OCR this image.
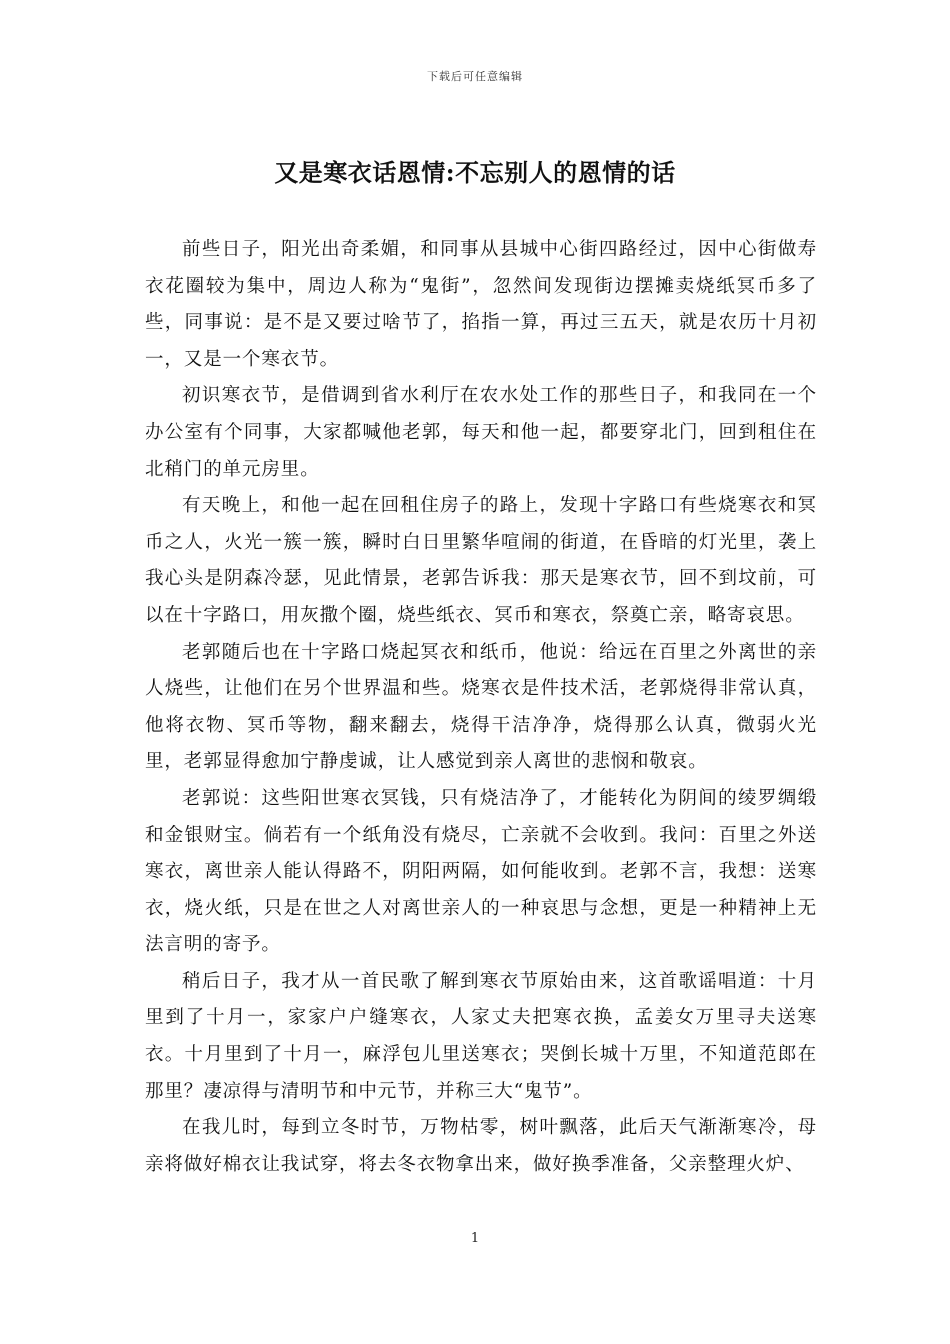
下载后可任意编辑
又是寒衣话恩情:不忘别人的恩情的话

前些日子，阳光出奇柔媚，和同事从县城中心街四路经过，因中心街做寿衣花圈较为集中，周边人称为“鬼街”，忽然间发现街边摆摊卖烧纸冥币多了些，同事说：是不是又要过啥节了，掐指一算，再过三五天，就是农历十月初一，又是一个寒衣节。

初识寒衣节，是借调到省水利厅在农水处工作的那些日子，和我同在一个办公室有个同事，大家都喊他老郭，每天和他一起，都要穿北门，回到租住在北稍门的单元房里。

有天晚上，和他一起在回租住房子的路上，发现十字路口有些烧寒衣和冥币之人，火光一簇一簇，瞬时白日里繁华喧闹的街道，在昏暗的灯光里，袭上我心头是阴森冷瑟，见此情景，老郭告诉我：那天是寒衣节，回不到坟前，可以在十字路口，用灰撒个圈，烧些纸衣、冥币和寒衣，祭奠亡亲，略寄哀思。

老郭随后也在十字路口烧起冥衣和纸币，他说：给远在百里之外离世的亲人烧些，让他们在另个世界温和些。烧寒衣是件技术活，老郭烧得非常认真，他将衣物、冥币等物，翻来翻去，烧得干洁净净，烧得那么认真，微弱火光里，老郭显得愈加宁静虔诚，让人感觉到亲人离世的悲悯和敬哀。

老郭说：这些阳世寒衣冥钱，只有烧洁净了，才能转化为阴间的绫罗绸缎和金银财宝。倘若有一个纸角没有烧尽，亡亲就不会收到。我问：百里之外送寒衣，离世亲人能认得路不，阴阳两隔，如何能收到。老郭不言，我想：送寒衣，烧火纸，只是在世之人对离世亲人的一种哀思与念想，更是一种精神上无法言明的寄予。

稍后日子，我才从一首民歌了解到寒衣节原始由来，这首歌谣唱道：十月里到了十月一，家家户户缝寒衣，人家丈夫把寒衣换，孟姜女万里寻夫送寒衣。十月里到了十月一，麻浮包儿里送寒衣；哭倒长城十万里，不知道范郎在那里？凄凉得与清明节和中元节，并称三大“鬼节”。

在我儿时，每到立冬时节，万物枯零，树叶飘落，此后天气渐渐寒冷，母亲将做好棉衣让我试穿，将去冬衣物拿出来，做好换季准备，父亲整理火炉、

1
